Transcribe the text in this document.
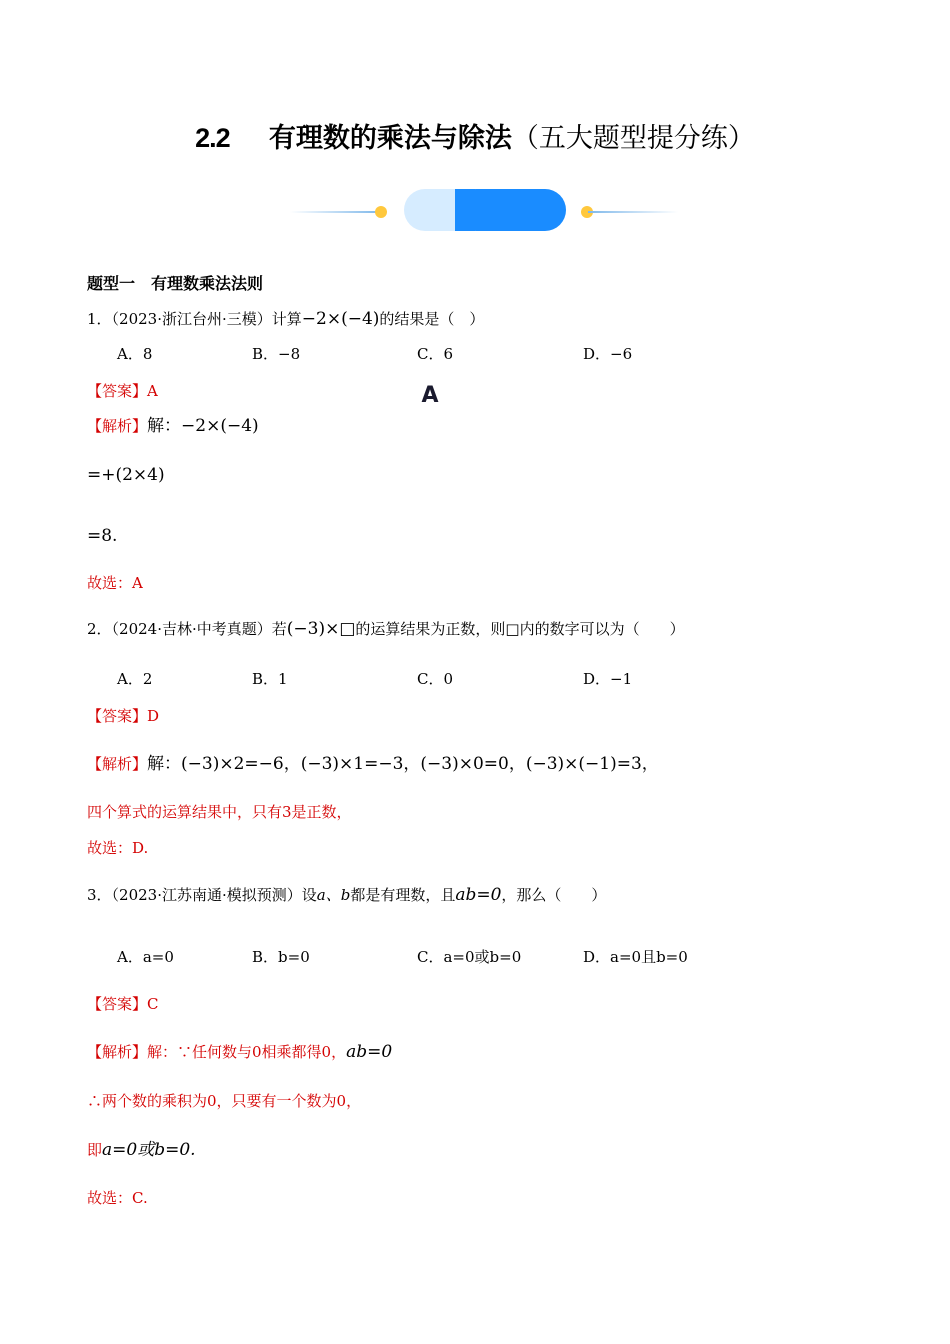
2.2 有理数的乘法与除法（五大题型提分练）
A	夯基础
题型一　有理数乘法法则
1．（2023·浙江台州·三模）计算−2×(−4)的结果是（　）
A．8	B．−8	C．6	D．−6
【答案】A
【解析】解：−2×(−4)
=+(2×4)
=8.
故选：A
2．（2024·吉林·中考真题）若(−3)×□的运算结果为正数，则□内的数字可以为（　　）
A．2	B．1	C．0	D．−1
【答案】D
【解析】解：(−3)×2=−6，(−3)×1=−3，(−3)×0=0，(−3)×(−1)=3，
四个算式的运算结果中，只有3是正数，
故选：D.
3．（2023·江苏南通·模拟预测）设a、b都是有理数，且ab=0，那么（　　）
A．a=0	B．b=0	C．a=0或b=0	D．a=0且b=0
【答案】C
【解析】解：∵任何数与0相乘都得0，ab=0
∴两个数的乘积为0，只要有一个数为0，
即a=0或b=0.
故选：C.
